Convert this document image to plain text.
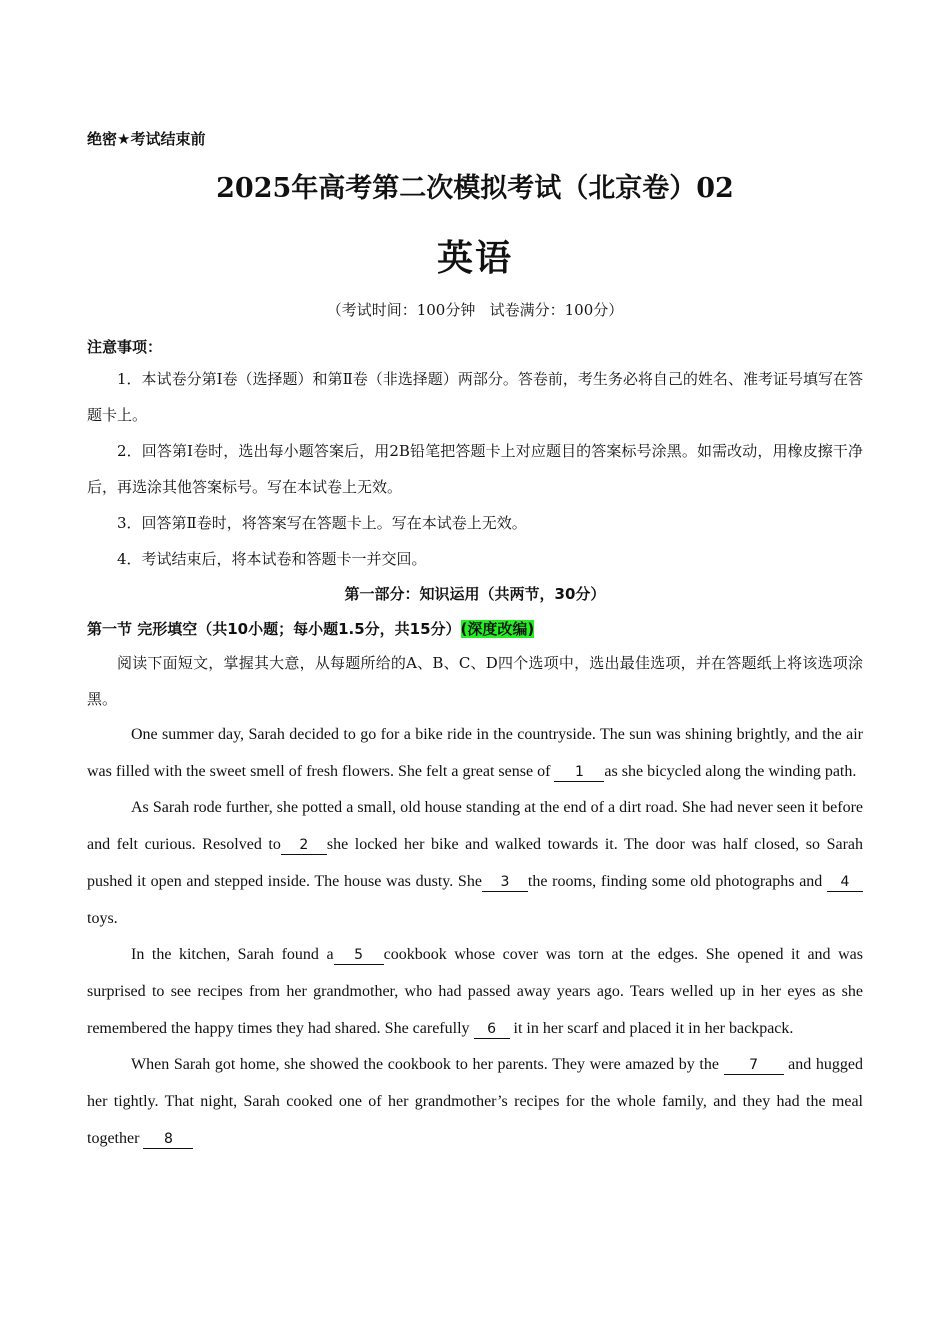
绝密★考试结束前
2025年高考第二次模拟考试（北京卷）02
英语
（考试时间：100分钟   试卷满分：100分）
注意事项：

1．本试卷分第Ⅰ卷（选择题）和第Ⅱ卷（非选择题）两部分。答卷前，考生务必将自己的姓名、准考证号填写在答题卡上。

2．回答第Ⅰ卷时，选出每小题答案后，用2B铅笔把答题卡上对应题目的答案标号涂黑。如需改动，用橡皮擦干净后，再选涂其他答案标号。写在本试卷上无效。

3．回答第Ⅱ卷时，将答案写在答题卡上。写在本试卷上无效。

4．考试结束后，将本试卷和答题卡一并交回。

第一部分：知识运用（共两节，30分）
第一节 完形填空（共10小题；每小题1.5分，共15分）(深度改编)

阅读下面短文，掌握其大意，从每题所给的A、B、C、D四个选项中，选出最佳选项，并在答题纸上将该选项涂黑。

One summer day, Sarah decided to go for a bike ride in the countryside. The sun was shining brightly, and the air was filled with the sweet smell of fresh flowers. She felt a great sense of 1 as she bicycled along the winding path.

As Sarah rode further, she potted a small, old house standing at the end of a dirt road. She had never seen it before and felt curious. Resolved to 2 she locked her bike and walked towards it. The door was half closed, so Sarah pushed it open and stepped inside. The house was dusty. She 3 the rooms, finding some old photographs and 4 toys.

In the kitchen, Sarah found a 5 cookbook whose cover was torn at the edges. She opened it and was surprised to see recipes from her grandmother, who had passed away years ago. Tears welled up in her eyes as she remembered the happy times they had shared. She carefully 6 it in her scarf and placed it in her backpack.

When Sarah got home, she showed the cookbook to her parents. They were amazed by the 7 and hugged her tightly. That night, Sarah cooked one of her grandmother’s recipes for the whole family, and they had the meal together 8
